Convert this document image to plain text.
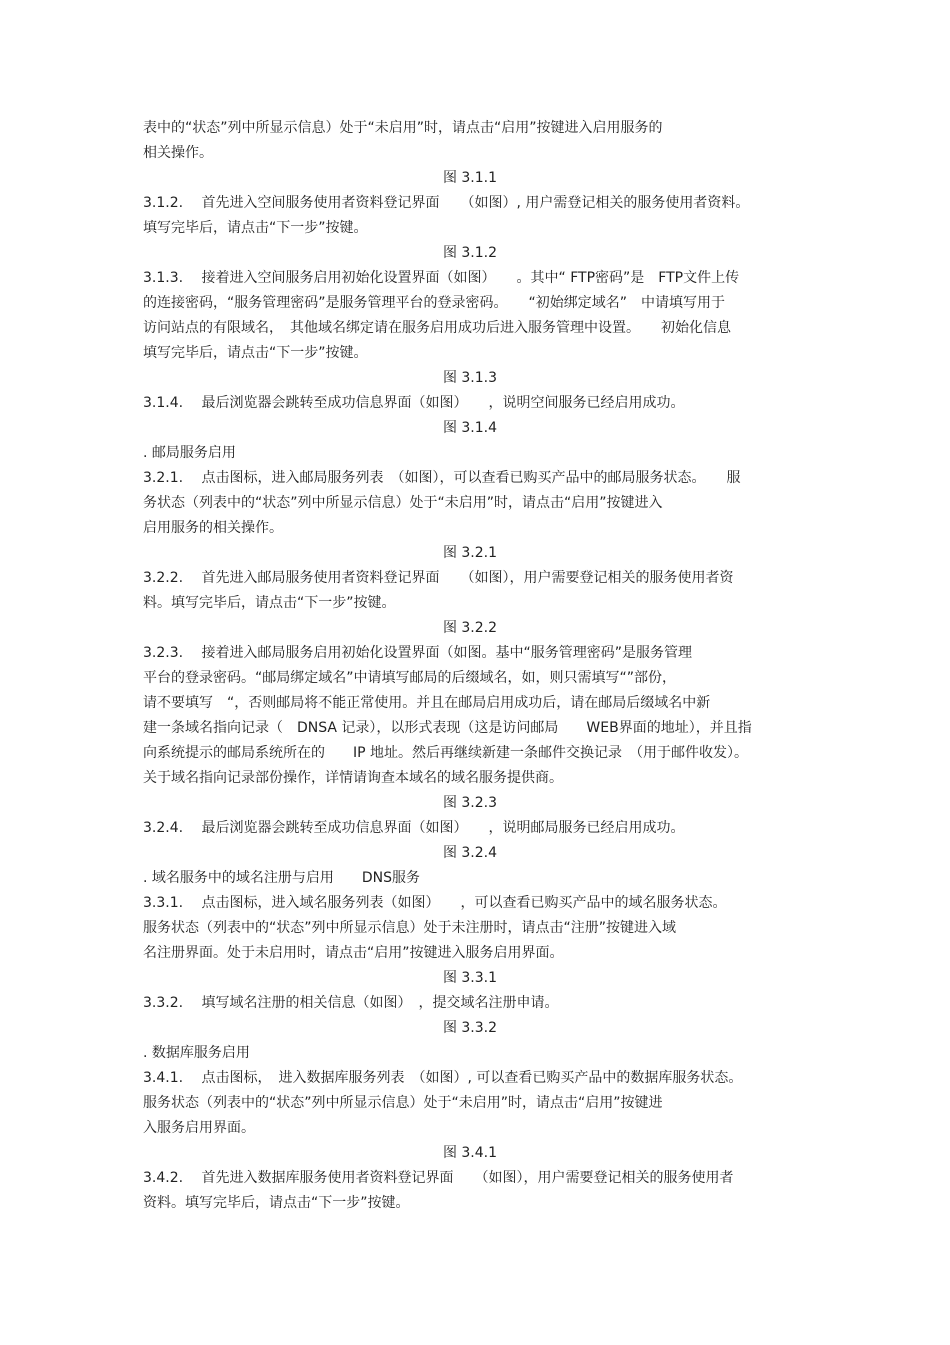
表中的“状态”列中所显示信息）处于“未启用”时，请点击“启用”按键进入启用服务的
相关操作。
图 3.1.1
3.1.2.　 首先进入空间服务使用者资料登记界面　　（如图）, 用户需登记相关的服务使用者资料。
填写完毕后，请点击“下一步”按键。
图 3.1.2
3.1.3.　 接着进入空间服务启用初始化设置界面（如图）　　。其中“ FTP密码”是　FTP文件上传
的连接密码，“服务管理密码”是服务管理平台的登录密码。　　“初始绑定域名”　中请填写用于
访问站点的有限域名，　其他域名绑定请在服务启用成功后进入服务管理中设置。　　初始化信息
填写完毕后，请点击“下一步”按键。
图 3.1.3
3.1.4.　 最后浏览器会跳转至成功信息界面（如图）　　，说明空间服务已经启用成功。
图 3.1.4
. 邮局服务启用
3.2.1.　 点击图标，进入邮局服务列表　（如图），可以查看已购买产品中的邮局服务状态。　　服
务状态（列表中的“状态”列中所显示信息）处于“未启用”时，请点击“启用”按键进入
启用服务的相关操作。
图 3.2.1
3.2.2.　 首先进入邮局服务使用者资料登记界面　　（如图），用户需要登记相关的服务使用者资
料。填写完毕后，请点击“下一步”按键。
图 3.2.2
3.2.3.　 接着进入邮局服务启用初始化设置界面（如图。基中“服务管理密码”是服务管理
平台的登录密码。“邮局绑定域名”中请填写邮局的后缀域名，如，则只需填写“”部份，
请不要填写　“，否则邮局将不能正常使用。并且在邮局启用成功后，请在邮局后缀域名中新
建一条域名指向记录（　DNSA 记录），以形式表现（这是访问邮局　　WEB界面的地址），并且指
向系统提示的邮局系统所在的　　IP 地址。然后再继续新建一条邮件交换记录　（用于邮件收发）。
关于域名指向记录部份操作，详情请询查本域名的域名服务提供商。
图 3.2.3
3.2.4.　 最后浏览器会跳转至成功信息界面（如图）　　，说明邮局服务已经启用成功。
图 3.2.4
. 域名服务中的域名注册与启用　　DNS服务
3.3.1.　 点击图标，进入域名服务列表（如图）　　，可以查看已购买产品中的域名服务状态。
服务状态（列表中的“状态”列中所显示信息）处于未注册时，请点击“注册”按键进入域
名注册界面。处于未启用时，请点击“启用”按键进入服务启用界面。
图 3.3.1
3.3.2.　 填写域名注册的相关信息（如图）　，提交域名注册申请。
图 3.3.2
. 数据库服务启用
3.4.1.　 点击图标，　进入数据库服务列表　（如图）, 可以查看已购买产品中的数据库服务状态。
服务状态（列表中的“状态”列中所显示信息）处于“未启用”时，请点击“启用”按键进
入服务启用界面。
图 3.4.1
3.4.2.　 首先进入数据库服务使用者资料登记界面　　（如图），用户需要登记相关的服务使用者
资料。填写完毕后，请点击“下一步”按键。
